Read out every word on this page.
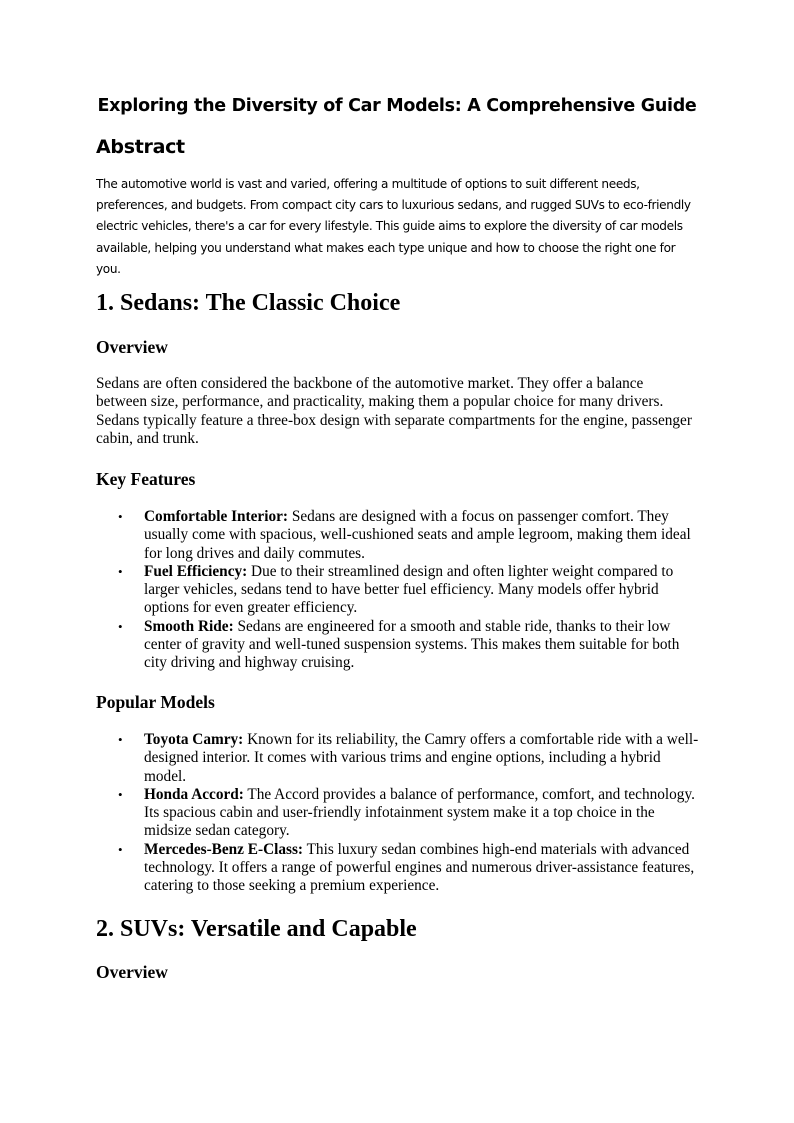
Exploring the Diversity of Car Models: A Comprehensive Guide
Abstract

The automotive world is vast and varied, offering a multitude of options to suit different needs, preferences, and budgets. From compact city cars to luxurious sedans, and rugged SUVs to eco-friendly electric vehicles, there's a car for every lifestyle. This guide aims to explore the diversity of car models available, helping you understand what makes each type unique and how to choose the right one for you.

1. Sedans: The Classic Choice
Overview

Sedans are often considered the backbone of the automotive market. They offer a balance between size, performance, and practicality, making them a popular choice for many drivers. Sedans typically feature a three-box design with separate compartments for the engine, passenger cabin, and trunk.

Key Features
• Comfortable Interior: Sedans are designed with a focus on passenger comfort. They usually come with spacious, well-cushioned seats and ample legroom, making them ideal for long drives and daily commutes.
• Fuel Efficiency: Due to their streamlined design and often lighter weight compared to larger vehicles, sedans tend to have better fuel efficiency. Many models offer hybrid options for even greater efficiency.
• Smooth Ride: Sedans are engineered for a smooth and stable ride, thanks to their low center of gravity and well-tuned suspension systems. This makes them suitable for both city driving and highway cruising.
Popular Models
• Toyota Camry: Known for its reliability, the Camry offers a comfortable ride with a well-designed interior. It comes with various trims and engine options, including a hybrid model.
• Honda Accord: The Accord provides a balance of performance, comfort, and technology. Its spacious cabin and user-friendly infotainment system make it a top choice in the midsize sedan category.
• Mercedes-Benz E-Class: This luxury sedan combines high-end materials with advanced technology. It offers a range of powerful engines and numerous driver-assistance features, catering to those seeking a premium experience.
2. SUVs: Versatile and Capable
Overview
